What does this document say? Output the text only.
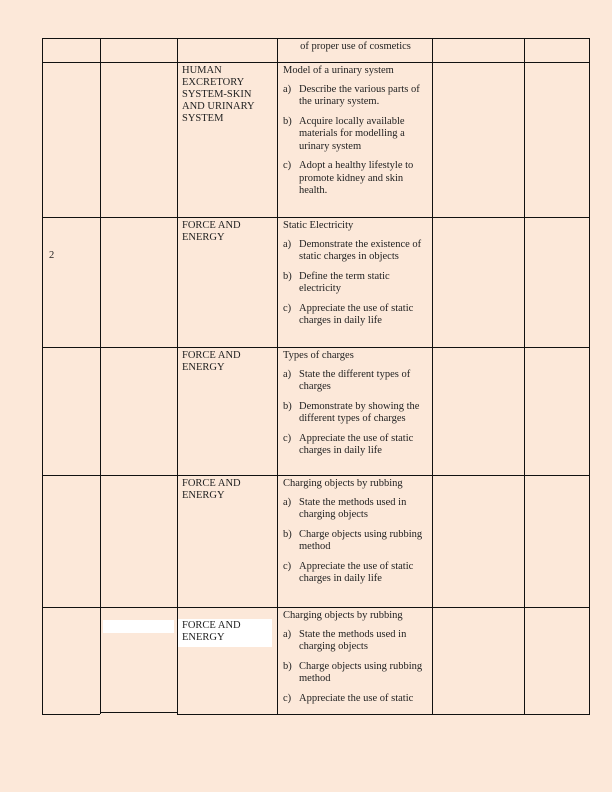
of proper use of cosmetics
HUMAN EXCRETORY SYSTEM-SKIN AND URINARY SYSTEM
Model of a urinary system
a) Describe the various parts of the urinary system.
b) Acquire locally available materials for modelling a urinary system
c) Adopt a healthy lifestyle to promote kidney and skin health.
2
FORCE AND ENERGY
Static Electricity
a) Demonstrate the existence of static charges in objects
b) Define the term static electricity
c) Appreciate the use of static charges in daily life
FORCE AND ENERGY
Types of charges
a) State the different types of charges
b) Demonstrate by showing the different types of charges
c) Appreciate the use of static charges in daily life
FORCE AND ENERGY
Charging objects by rubbing
a) State the methods used in charging objects
b) Charge objects using rubbing method
c) Appreciate the use of static charges in daily life
FORCE AND ENERGY
Charging objects by rubbing
a) State the methods used in charging objects
b) Charge objects using rubbing method
c) Appreciate the use of static
